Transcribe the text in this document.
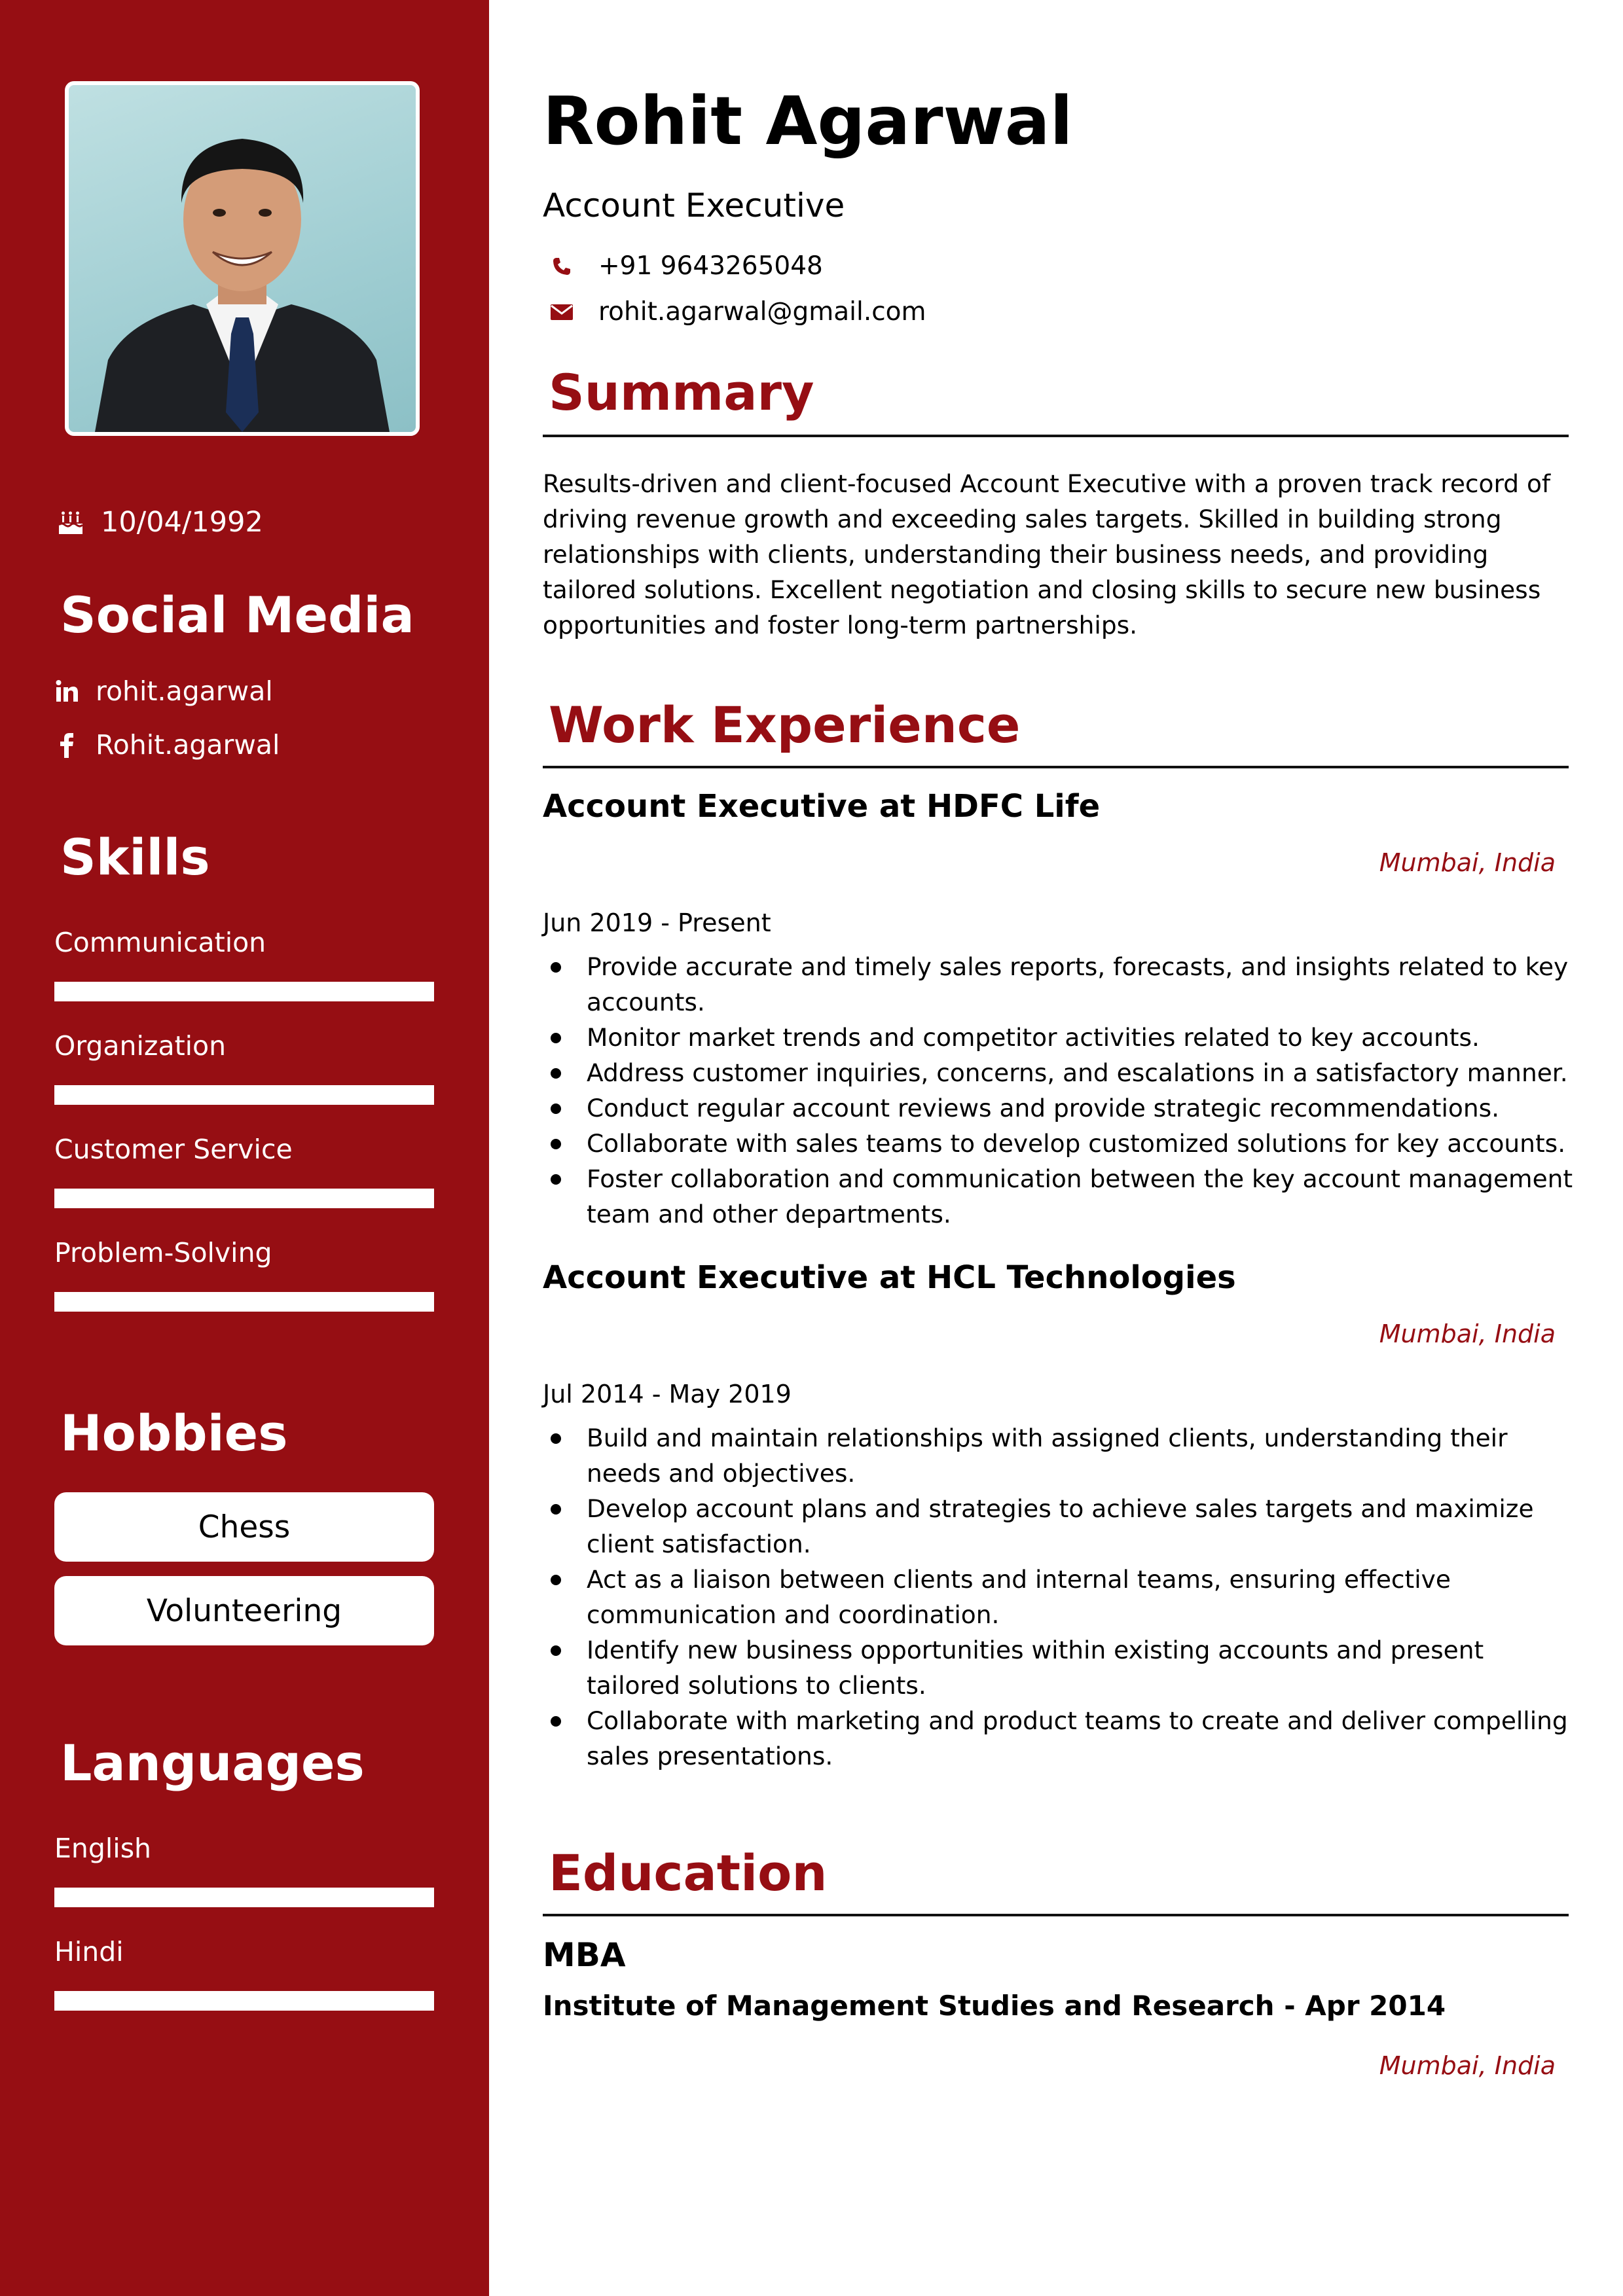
10/04/1992
Social Media
rohit.agarwal
Rohit.agarwal
Skills
Communication
Organization
Customer Service
Problem-Solving
Hobbies
Chess
Volunteering
Languages
English
Hindi
Rohit Agarwal
Account Executive
+91 9643265048
rohit.agarwal@gmail.com
Summary

Results-driven and client-focused Account Executive with a proven track record of driving revenue growth and exceeding sales targets. Skilled in building strong relationships with clients, understanding their business needs, and providing tailored solutions. Excellent negotiation and closing skills to secure new business opportunities and foster long-term partnerships.

Work Experience
Account Executive at HDFC Life
Mumbai, India
Jun 2019 - Present
Provide accurate and timely sales reports, forecasts, and insights related to key accounts.
Monitor market trends and competitor activities related to key accounts.
Address customer inquiries, concerns, and escalations in a satisfactory manner.
Conduct regular account reviews and provide strategic recommendations.
Collaborate with sales teams to develop customized solutions for key accounts.
Foster collaboration and communication between the key account management team and other departments.
Account Executive at HCL Technologies
Mumbai, India
Jul 2014 - May 2019
Build and maintain relationships with assigned clients, understanding their needs and objectives.
Develop account plans and strategies to achieve sales targets and maximize client satisfaction.
Act as a liaison between clients and internal teams, ensuring effective communication and coordination.
Identify new business opportunities within existing accounts and present tailored solutions to clients.
Collaborate with marketing and product teams to create and deliver compelling sales presentations.
Education
MBA
Institute of Management Studies and Research - Apr 2014
Mumbai, India
